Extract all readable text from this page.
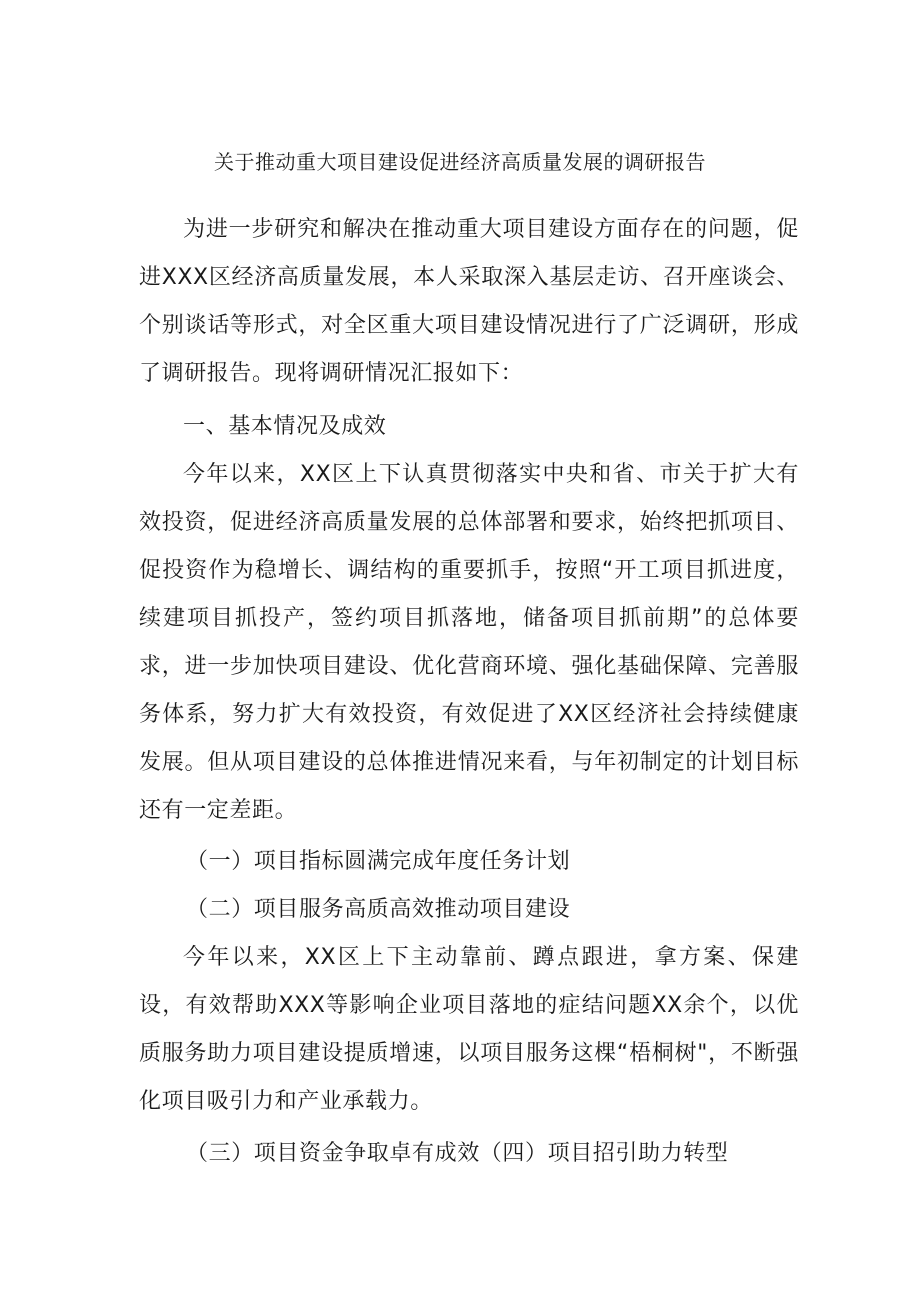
关于推动重大项目建设促进经济高质量发展的调研报告

为进一步研究和解决在推动重大项目建设方面存在的问题，促进XXX区经济高质量发展，本人采取深入基层走访、召开座谈会、个别谈话等形式，对全区重大项目建设情况进行了广泛调研，形成了调研报告。现将调研情况汇报如下：

一、基本情况及成效

今年以来，XX区上下认真贯彻落实中央和省、市关于扩大有效投资，促进经济高质量发展的总体部署和要求，始终把抓项目、促投资作为稳增长、调结构的重要抓手，按照“开工项目抓进度，续建项目抓投产，签约项目抓落地，储备项目抓前期”的总体要求，进一步加快项目建设、优化营商环境、强化基础保障、完善服务体系，努力扩大有效投资，有效促进了XX区经济社会持续健康发展。但从项目建设的总体推进情况来看，与年初制定的计划目标还有一定差距。

（一）项目指标圆满完成年度任务计划

（二）项目服务高质高效推动项目建设

今年以来，XX区上下主动靠前、蹲点跟进，拿方案、保建设，有效帮助XXX等影响企业项目落地的症结问题XX余个，以优质服务助力项目建设提质增速，以项目服务这棵“梧桐树"，不断强化项目吸引力和产业承载力。

（三）项目资金争取卓有成效（四）项目招引助力转型
